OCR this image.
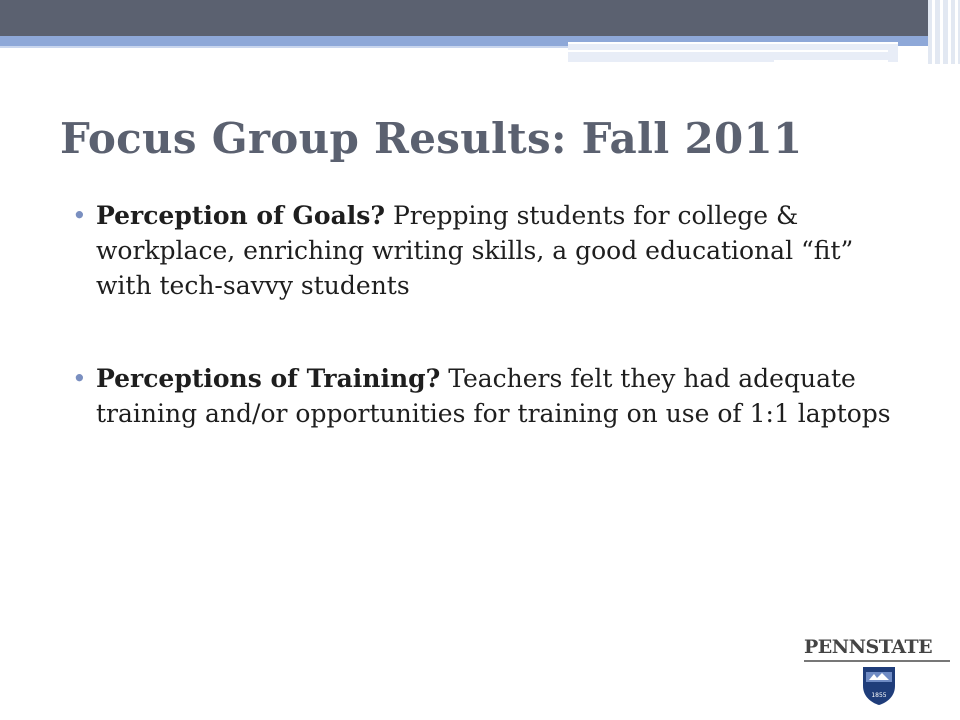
Focus Group Results: Fall 2011
• Perception of Goals? Prepping students for college & workplace, enriching writing skills, a good educational “fit” with tech-savvy students
• Perceptions of Training? Teachers felt they had adequate training and/or opportunities for training on use of 1:1 laptops
PENNSTATE
1855
